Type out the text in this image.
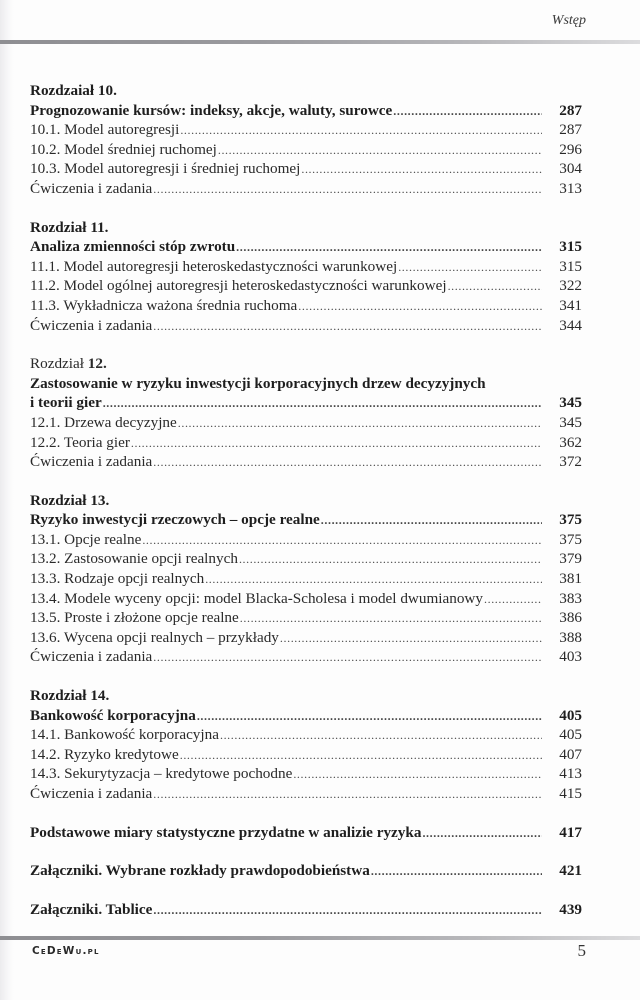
Wstęp
Rozdzaiał 10.
Prognozowanie kursów: indeksy, akcje, waluty, surowce .....	287
10.1. Model autoregresji .....	287
10.2. Model średniej ruchomej .....	296
10.3. Model autoregresji i średniej ruchomej .....	304
Ćwiczenia i zadania .....	313
Rozdział 11.
Analiza zmienności stóp zwrotu .....	315
11.1. Model autoregresji heteroskedastyczności warunkowej .....	315
11.2. Model ogólnej autoregresji heteroskedastyczności warunkowej .....	322
11.3. Wykładnicza ważona średnia ruchoma .....	341
Ćwiczenia i zadania .....	344
Rozdział 12.
Zastosowanie w ryzyku inwestycji korporacyjnych drzew decyzyjnych
i teorii gier .....	345
12.1. Drzewa decyzyjne .....	345
12.2. Teoria gier .....	362
Ćwiczenia i zadania .....	372
Rozdział 13.
Ryzyko inwestycji rzeczowych – opcje realne .....	375
13.1. Opcje realne .....	375
13.2. Zastosowanie opcji realnych .....	379
13.3. Rodzaje opcji realnych .....	381
13.4. Modele wyceny opcji: model Blacka-Scholesa i model dwumianowy .....	383
13.5. Proste i złożone opcje realne .....	386
13.6. Wycena opcji realnych – przykłady .....	388
Ćwiczenia i zadania .....	403
Rozdział 14.
Bankowość korporacyjna .....	405
14.1. Bankowość korporacyjna .....	405
14.2. Ryzyko kredytowe .....	407
14.3. Sekurytyzacja – kredytowe pochodne .....	413
Ćwiczenia i zadania .....	415
Podstawowe miary statystyczne przydatne w analizie ryzyka .....	417
Załączniki. Wybrane rozkłady prawdopodobieństwa .....	421
Załączniki. Tablice .....	439
CeDeWu.pl	5
